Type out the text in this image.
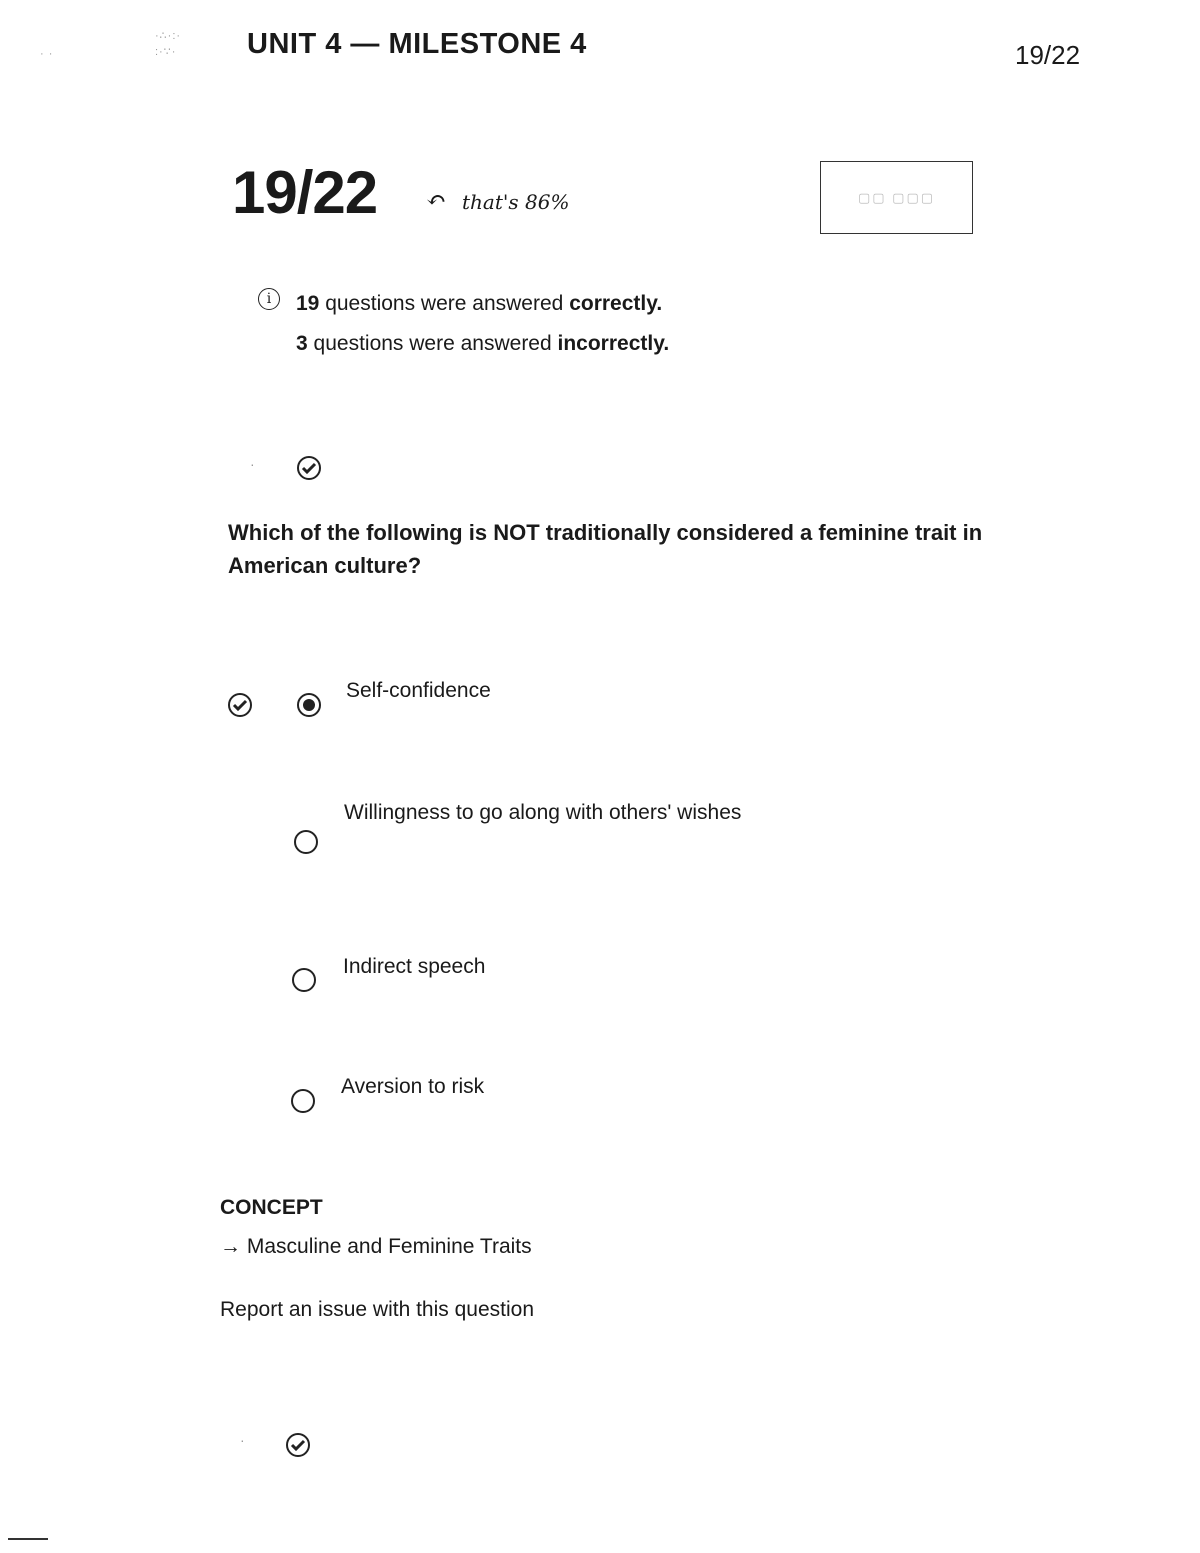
· ·
·∴·:·
:·∵· UNIT 4 — MILESTONE 4	19/22
19/22 ↶ that's 86%	▢▢ ▢▢▢
i	19 questions were answered correctly.
3 questions were answered incorrectly.
·
Which of the following is NOT traditionally considered a feminine trait in American culture?
Self-confidence
Willingness to go along with others' wishes
Indirect speech
Aversion to risk
CONCEPT
→ Masculine and Feminine Traits
Report an issue with this question
·
